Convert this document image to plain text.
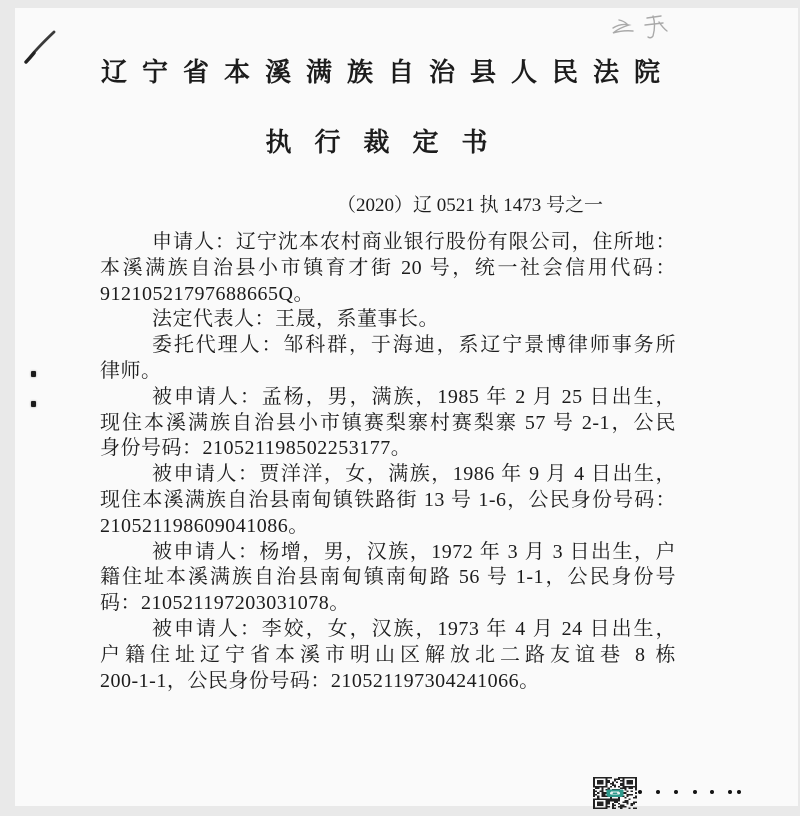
辽宁省本溪满族自治县人民法院
执行裁定书
（2020）辽 0521 执 1473 号之一
申请人：辽宁沈本农村商业银行股份有限公司，住所地：
本溪满族自治县小市镇育才街 20 号，统一社会信用代码：
91210521797688665Q。
法定代表人：王晟，系董事长。
委托代理人：邹科群，于海迪，系辽宁景博律师事务所
律师。
被申请人：孟杨，男，满族，1985 年 2 月 25 日出生，
现住本溪满族自治县小市镇赛梨寨村赛梨寨 57 号 2-1，公民
身份号码：210521198502253177。
被申请人：贾洋洋，女，满族，1986 年 9 月 4 日出生，
现住本溪满族自治县南甸镇铁路街 13 号 1-6，公民身份号码：
210521198609041086。
被申请人：杨增，男，汉族，1972 年 3 月 3 日出生，户
籍住址本溪满族自治县南甸镇南甸路 56 号 1-1，公民身份号
码：210521197203031078。
被申请人：李姣，女，汉族，1973 年 4 月 24 日出生，
户籍住址辽宁省本溪市明山区解放北二路友谊巷 8 栋
200-1-1，公民身份号码：210521197304241066。
